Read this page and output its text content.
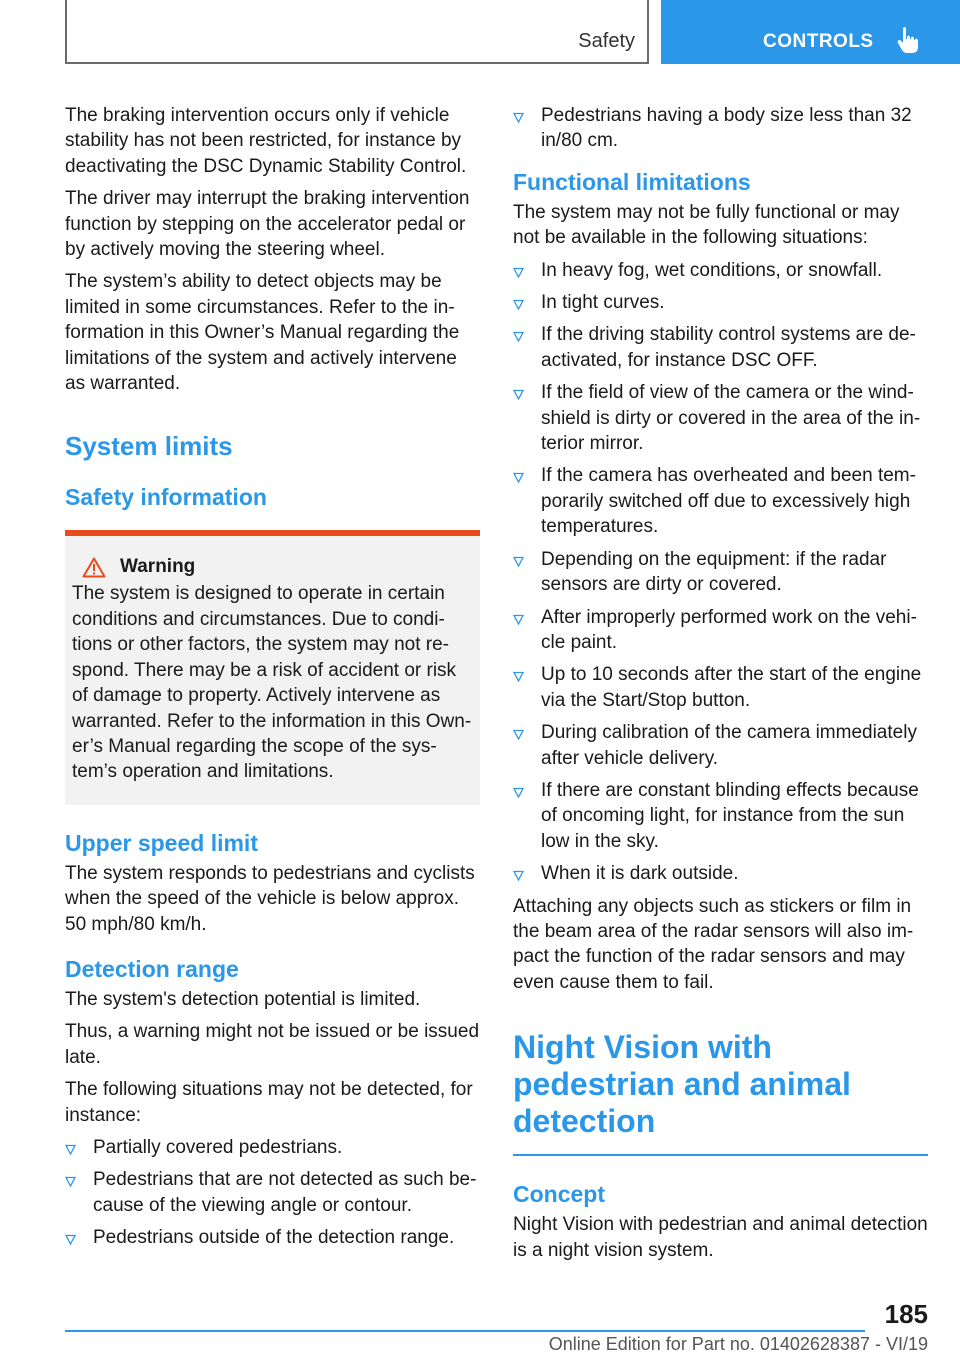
Safety	CONTROLS

The braking intervention occurs only if vehicle stability has not been restricted, for instance by deactivating the DSC Dynamic Stability Control.

The driver may interrupt the braking intervention function by stepping on the accelerator pedal or by actively moving the steering wheel.

The system’s ability to detect objects may be limited in some circumstances. Refer to the information in this Owner’s Manual regarding the limitations of the system and actively intervene as warranted.

System limits
Safety information
Warning

The system is designed to operate in certain conditions and circumstances. Due to conditions or other factors, the system may not respond. There may be a risk of accident or risk of damage to property. Actively intervene as warranted. Refer to the information in this Owner’s Manual regarding the scope of the system’s operation and limitations.

Upper speed limit

The system responds to pedestrians and cyclists when the speed of the vehicle is below approx. 50 mph/80 km/h.

Detection range

The system's detection potential is limited.

Thus, a warning might not be issued or be issued late.

The following situations may not be detected, for instance:

Partially covered pedestrians.
Pedestrians that are not detected as such because of the viewing angle or contour.
Pedestrians outside of the detection range.
Pedestrians having a body size less than 32 in/80 cm.
Functional limitations

The system may not be fully functional or may not be available in the following situations:

In heavy fog, wet conditions, or snowfall.
In tight curves.
If the driving stability control systems are deactivated, for instance DSC OFF.
If the field of view of the camera or the windshield is dirty or covered in the area of the interior mirror.
If the camera has overheated and been temporarily switched off due to excessively high temperatures.
Depending on the equipment: if the radar sensors are dirty or covered.
After improperly performed work on the vehicle paint.
Up to 10 seconds after the start of the engine via the Start/Stop button.
During calibration of the camera immediately after vehicle delivery.
If there are constant blinding effects because of oncoming light, for instance from the sun low in the sky.
When it is dark outside.

Attaching any objects such as stickers or film in the beam area of the radar sensors will also impact the function of the radar sensors and may even cause them to fail.

Night Vision with pedestrian and animal detection
Concept

Night Vision with pedestrian and animal detection is a night vision system.

185
Online Edition for Part no. 01402628387 - VI/19
